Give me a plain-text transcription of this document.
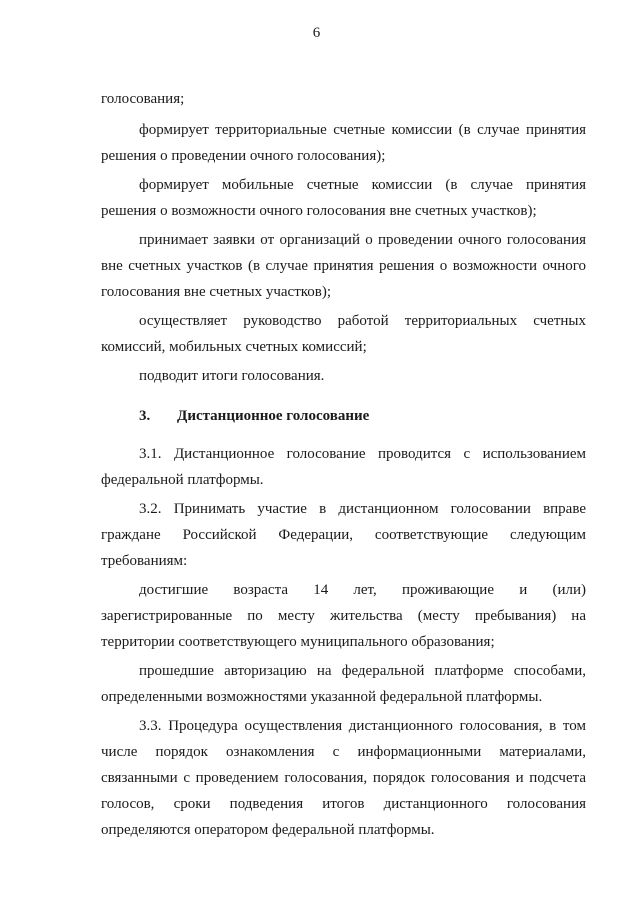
6

голосования;

формирует территориальные счетные комиссии (в случае принятия решения о проведении очного голосования);

формирует мобильные счетные комиссии (в случае принятия решения о возможности очного голосования вне счетных участков);

принимает заявки от организаций о проведении очного голосования вне счетных участков (в случае принятия решения о возможности очного голосования вне счетных участков);

осуществляет руководство работой территориальных счетных комиссий, мобильных счетных комиссий;

подводит итоги голосования.

3.	Дистанционное голосование

3.1. Дистанционное голосование проводится с использованием федеральной платформы.

3.2. Принимать участие в дистанционном голосовании вправе граждане Российской Федерации, соответствующие следующим требованиям:

достигшие возраста 14 лет, проживающие и (или) зарегистрированные по месту жительства (месту пребывания) на территории соответствующего муниципального образования;

прошедшие авторизацию на федеральной платформе способами, определенными возможностями указанной федеральной платформы.

3.3. Процедура осуществления дистанционного голосования, в том числе порядок ознакомления с информационными материалами, связанными с проведением голосования, порядок голосования и подсчета голосов, сроки подведения итогов дистанционного голосования определяются оператором федеральной платформы.
